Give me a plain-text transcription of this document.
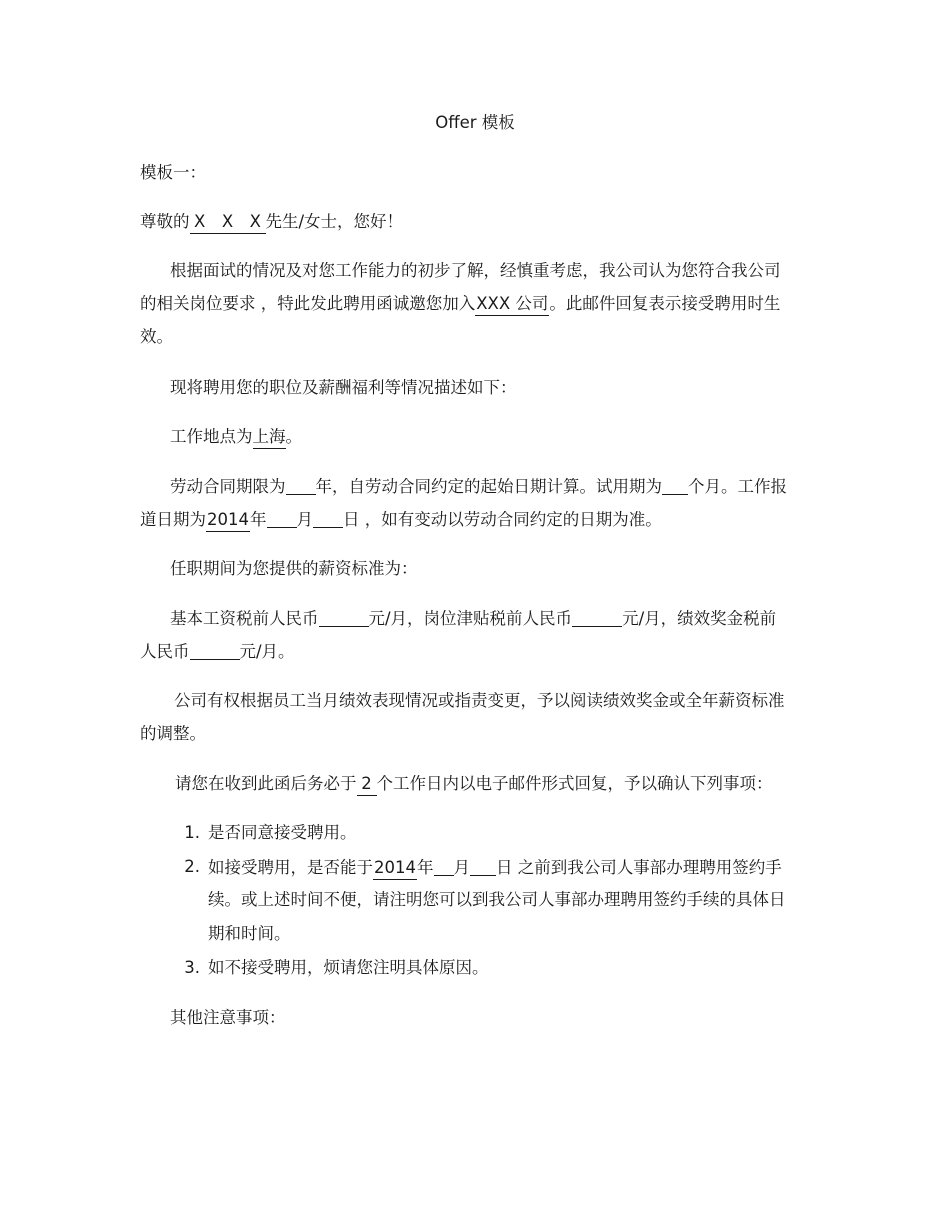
Offer 模板
模板一：
尊敬的 X　X　X 先生/女士，您好！
根据面试的情况及对您工作能力的初步了解，经慎重考虑，我公司认为您符合我公司
的相关岗位要求 ，特此发此聘用函诚邀您加入XXX 公司。此邮件回复表示接受聘用时生
效。
现将聘用您的职位及薪酬福利等情况描述如下：
工作地点为上海。
劳动合同期限为 年，自劳动合同约定的起始日期计算。试用期为 个月。工作报
道日期为2014年 月 日 ，如有变动以劳动合同约定的日期为准。
任职期间为您提供的薪资标准为：
基本工资税前人民币	元/月，岗位津贴税前人民币	元/月，绩效奖金税前
人民币	元/月。
公司有权根据员工当月绩效表现情况或指责变更，予以阅读绩效奖金或全年薪资标准
的调整。
请您在收到此函后务必于 2 个工作日内以电子邮件形式回复，予以确认下列事项：
1. 是否同意接受聘用。
2. 如接受聘用，是否能于2014年 月 日 之前到我公司人事部办理聘用签约手
续。或上述时间不便，请注明您可以到我公司人事部办理聘用签约手续的具体日
期和时间。
3. 如不接受聘用，烦请您注明具体原因。
其他注意事项：
